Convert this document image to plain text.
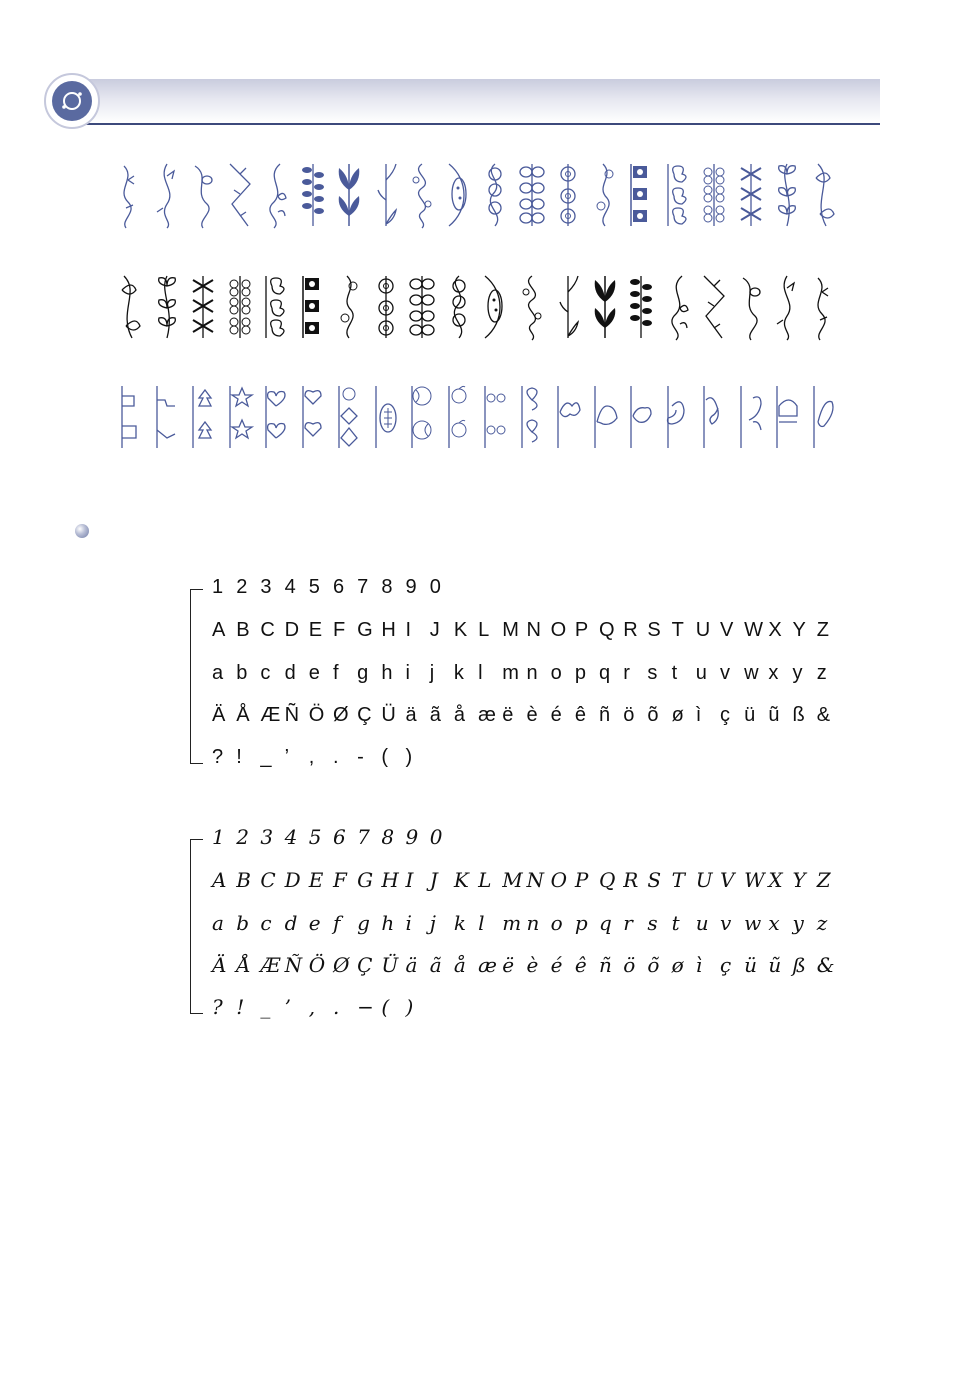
1 2 3 4 5 6 7 8 9 0
A B C D E F G H I J K L M N O P Q R S T U V W X Y Z
a b c d e f g h i j k l m n o p q r s t u v w x y z
Ä Å Æ Ñ Ö Ø Ç Ü ä ã å æ ë è é ê ñ ö õ ø ì ç ü ũ ß &
? ! _ ’ , . - ( )
1 2 3 4 5 6 7 8 9 0
A B C D E F G H I J K L M N O P Q R S T U V W X Y Z
a b c d e f g h i j k l m n o p q r s t u v w x y z
Ä Å Æ Ñ Ö Ø Ç Ü ä ã å æ ë è é ê ñ ö õ ø ì ç ü ũ ß &
? ! _ ’ , . − ( )
